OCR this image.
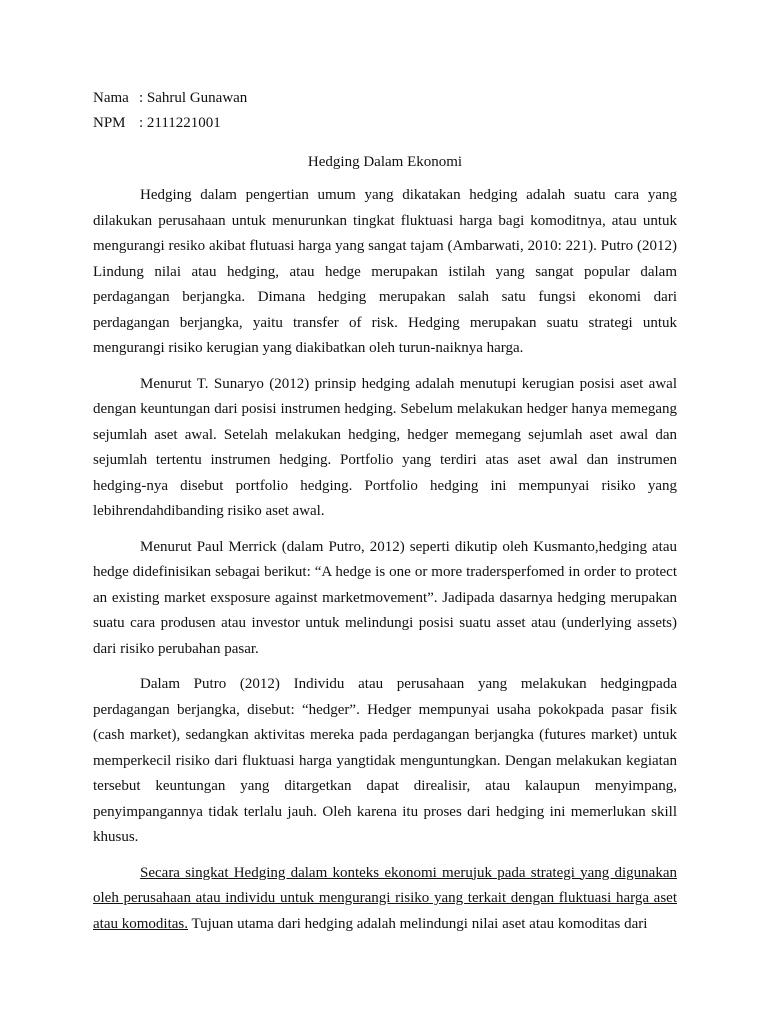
Nama : Sahrul Gunawan
NPM : 2111221001
Hedging Dalam Ekonomi

Hedging dalam pengertian umum yang dikatakan hedging adalah suatu cara yang dilakukan perusahaan untuk menurunkan tingkat fluktuasi harga bagi komoditnya, atau untuk mengurangi resiko akibat flutuasi harga yang sangat tajam (Ambarwati, 2010: 221). Putro (2012) Lindung nilai atau hedging, atau hedge merupakan istilah yang sangat popular dalam perdagangan berjangka. Dimana hedging merupakan salah satu fungsi ekonomi dari perdagangan berjangka, yaitu transfer of risk. Hedging merupakan suatu strategi untuk mengurangi risiko kerugian yang diakibatkan oleh turun-naiknya harga.

Menurut T. Sunaryo (2012) prinsip hedging adalah menutupi kerugian posisi aset awal dengan keuntungan dari posisi instrumen hedging. Sebelum melakukan hedger hanya memegang sejumlah aset awal. Setelah melakukan hedging, hedger memegang sejumlah aset awal dan sejumlah tertentu instrumen hedging. Portfolio yang terdiri atas aset awal dan instrumen hedging-nya disebut portfolio hedging. Portfolio hedging ini mempunyai risiko yang lebihrendahdibanding risiko aset awal.

Menurut Paul Merrick (dalam Putro, 2012) seperti dikutip oleh Kusmanto,hedging atau hedge didefinisikan sebagai berikut: “A hedge is one or more tradersperfomed in order to protect an existing market exsposure against marketmovement”. Jadipada dasarnya hedging merupakan suatu cara produsen atau investor untuk melindungi posisi suatu asset atau (underlying assets) dari risiko perubahan pasar.

Dalam Putro (2012) Individu atau perusahaan yang melakukan hedgingpada perdagangan berjangka, disebut: “hedger”. Hedger mempunyai usaha pokokpada pasar fisik (cash market), sedangkan aktivitas mereka pada perdagangan berjangka (futures market) untuk memperkecil risiko dari fluktuasi harga yangtidak menguntungkan. Dengan melakukan kegiatan tersebut keuntungan yang ditargetkan dapat direalisir, atau kalaupun menyimpang, penyimpangannya tidak terlalu jauh. Oleh karena itu proses dari hedging ini memerlukan skill khusus.

Secara singkat Hedging dalam konteks ekonomi merujuk pada strategi yang digunakan oleh perusahaan atau individu untuk mengurangi risiko yang terkait dengan fluktuasi harga aset atau komoditas. Tujuan utama dari hedging adalah melindungi nilai aset atau komoditas dari
